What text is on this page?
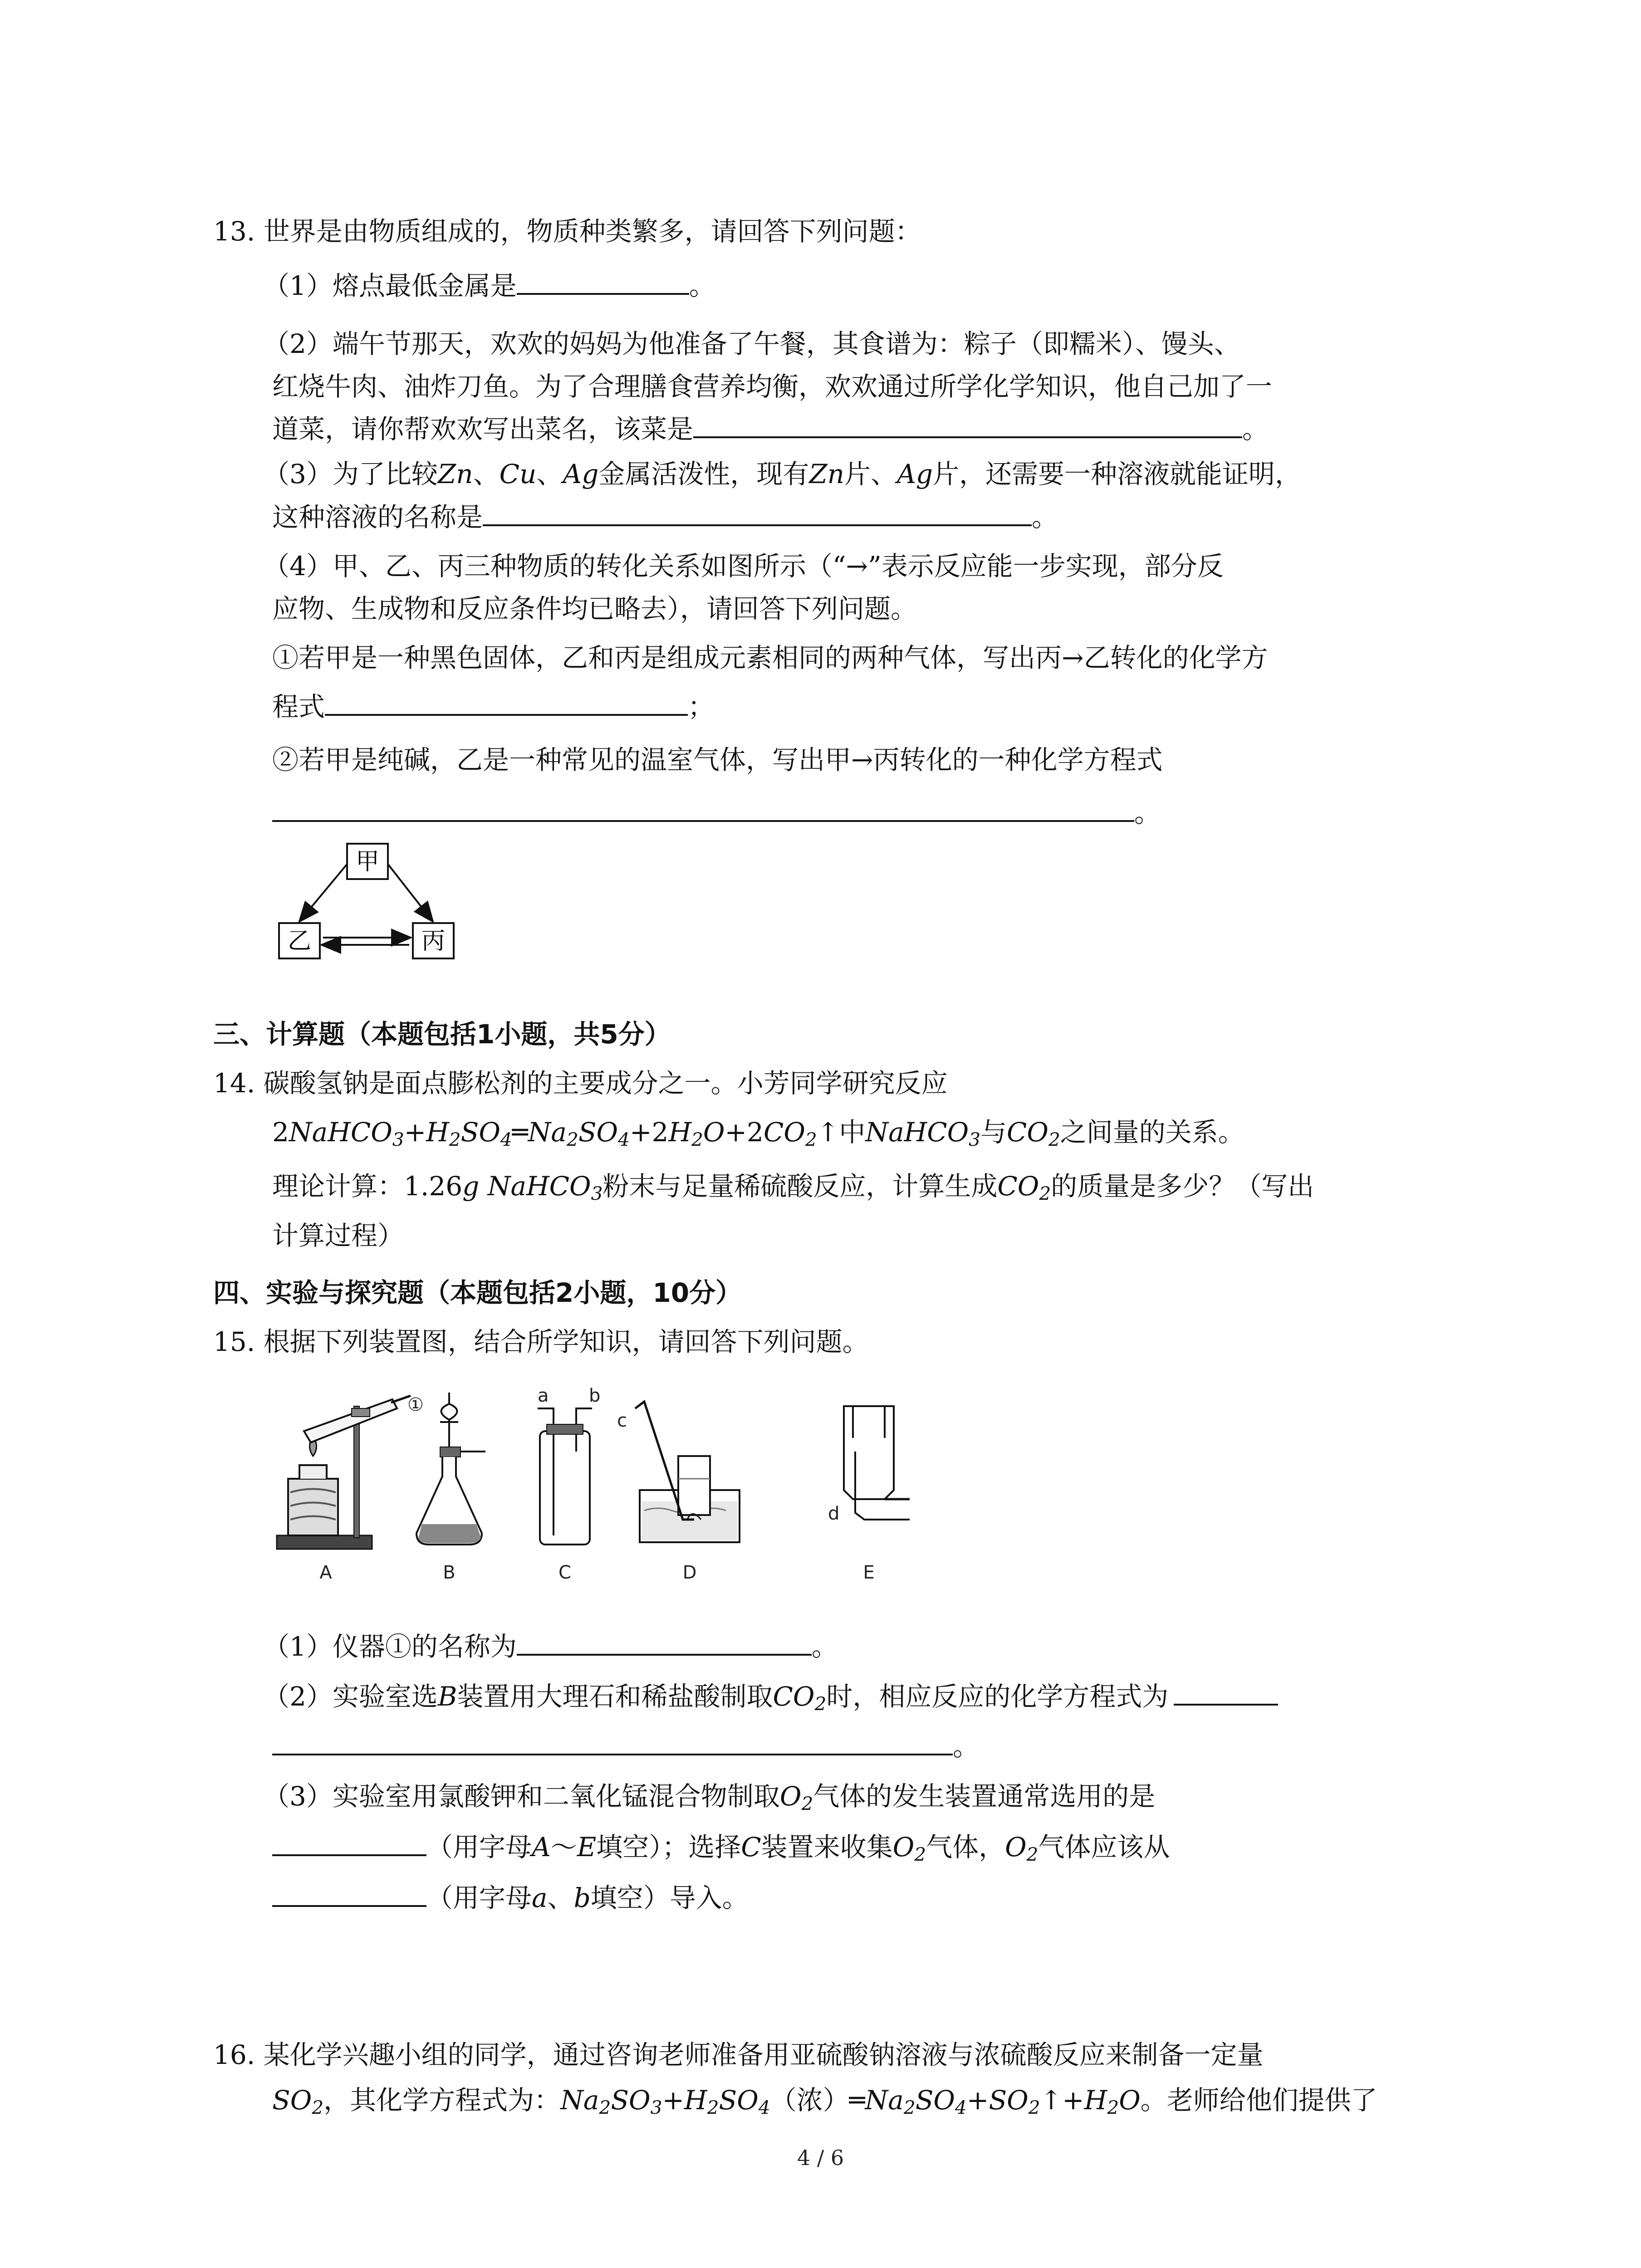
13. 世界是由物质组成的，物质种类繁多，请回答下列问题：
（1）熔点最低金属是	。
（2）端午节那天，欢欢的妈妈为他准备了午餐，其食谱为：粽子（即糯米）、馒头、
红烧牛肉、油炸刀鱼。为了合理膳食营养均衡，欢欢通过所学化学知识，他自己加了一
道菜，请你帮欢欢写出菜名，该菜是	。
（3）为了比较Zn、Cu、Ag金属活泼性，现有Zn片、Ag片，还需要一种溶液就能证明，
这种溶液的名称是	。
（4）甲、乙、丙三种物质的转化关系如图所示（“→”表示反应能一步实现，部分反
应物、生成物和反应条件均已略去），请回答下列问题。
①若甲是一种黑色固体，乙和丙是组成元素相同的两种气体，写出丙→乙转化的化学方
程式	；
②若甲是纯碱，乙是一种常见的温室气体，写出甲→丙转化的一种化学方程式
。
甲
乙	丙
三、计算题（本题包括1小题，共5分）
14. 碳酸氢钠是面点膨松剂的主要成分之一。小芳同学研究反应
$2NaHCO_3+H_2SO_4═Na_2SO_4+2H_2O+2CO_2↑$中NaHCO$_3$与$CO_2$之间量的关系。
理论计算：1.26g NaHCO$_3$粉末与足量稀硫酸反应，计算生成$CO_2$的质量是多少？（写出
计算过程）
四、实验与探究题（本题包括2小题，10分）
15. 根据下列装置图，结合所学知识，请回答下列问题。
A
①
B
a b
C
c
D
d
E
（1）仪器①的名称为	。
（2）实验室选B装置用大理石和稀盐酸制取$CO_2$时，相应反应的化学方程式为
。
（3）实验室用氯酸钾和二氧化锰混合物制取$O_2$气体的发生装置通常选用的是
（用字母A～E填空）；选择C装置来收集$O_2$气体，$O_2$气体应该从
（用字母a、b填空）导入。
16. 某化学兴趣小组的同学，通过咨询老师准备用亚硫酸钠溶液与浓硫酸反应来制备一定量
$SO_2$，其化学方程式为：$Na_2SO_3+H_2SO_4$（浓）$═Na_2SO_4+SO_2↑+H_2O$。老师给他们提供了
4 / 6
